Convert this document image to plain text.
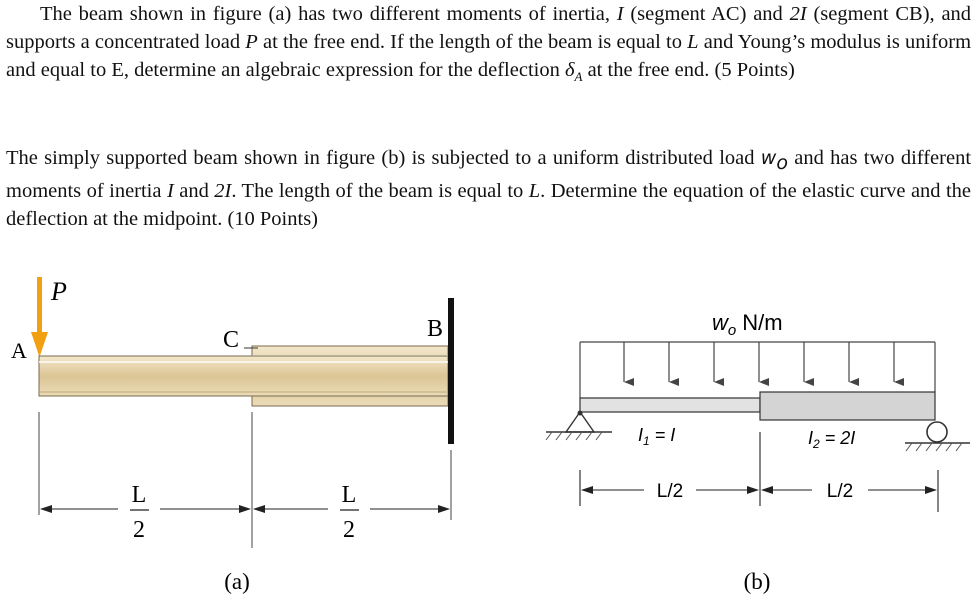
The beam shown in figure (a) has two different moments of inertia, I (segment AC) and 2I (segment CB), and supports a concentrated load P at the free end. If the length of the beam is equal to L and Young’s modulus is uniform and equal to E, determine an algebraic expression for the deflection $\delta_A$ at the free end. (5 Points)

The simply supported beam shown in figure (b) is subjected to a uniform distributed load $w_o$ and has two different moments of inertia I and 2I. The length of the beam is equal to L. Determine the equation of the elastic curve and the deflection at the midpoint. (10 Points)

P
A	C	B
L
2
L
2
(a)
$w_o$ N/m
$I_1 = I$	$I_2 = 2I$
L/2	L/2
(b)
